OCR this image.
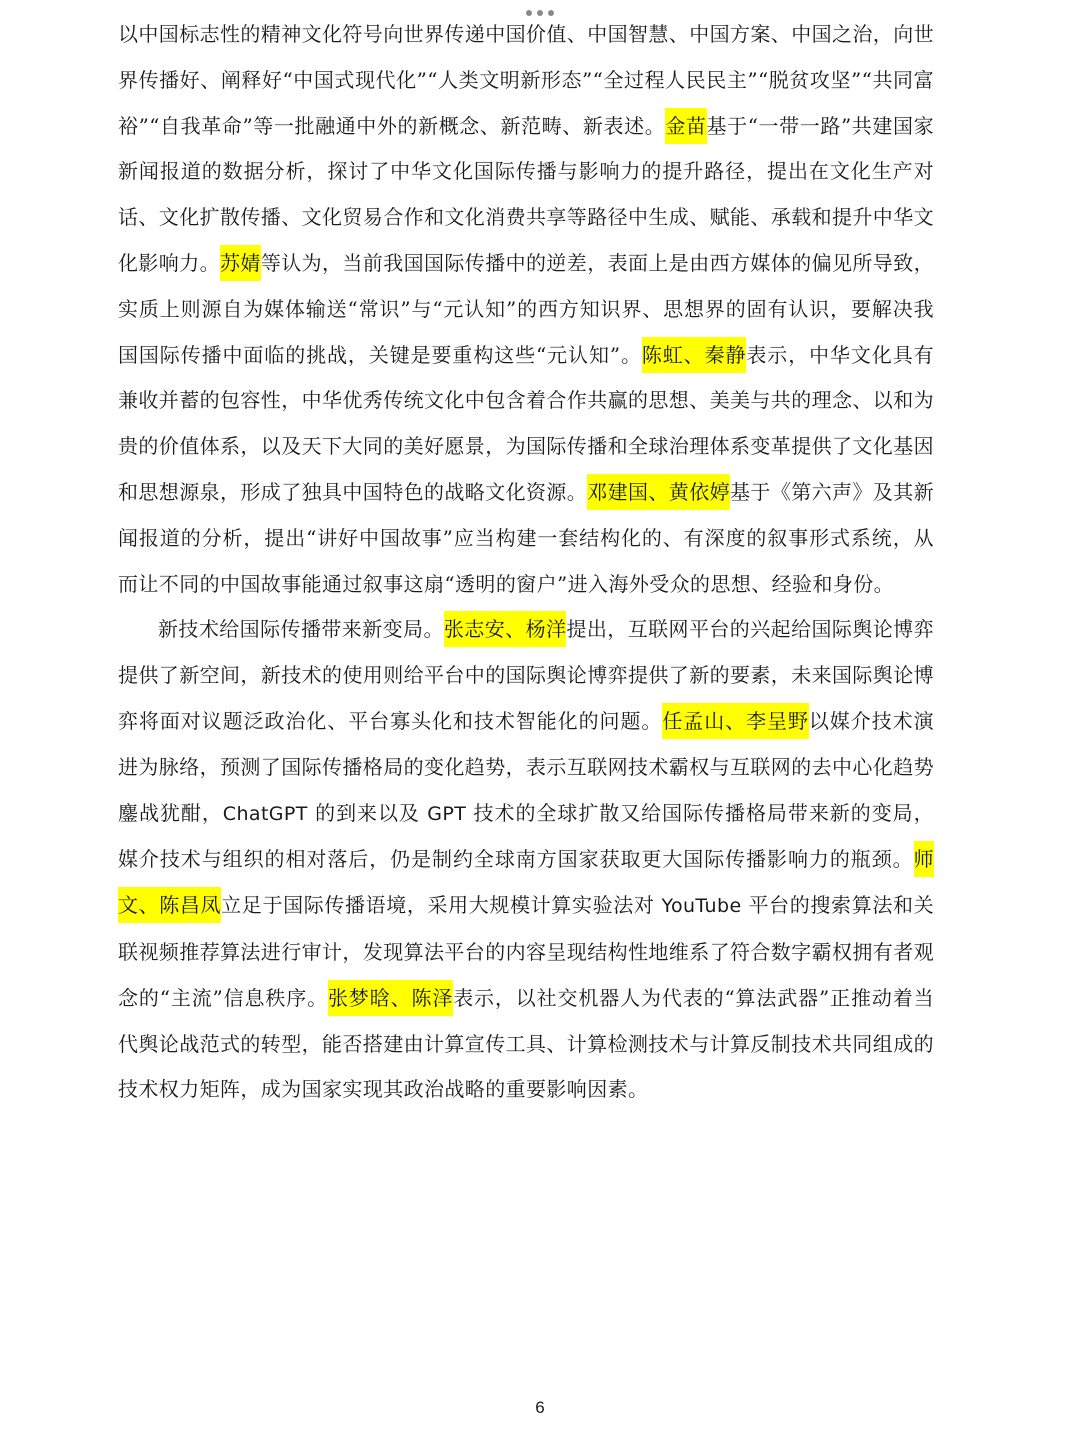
以中国标志性的精神文化符号向世界传递中国价值、中国智慧、中国方案、中国之治，向世界传播好、阐释好“中国式现代化”“人类文明新形态”“全过程人民民主”“脱贫攻坚”“共同富裕”“自我革命”等一批融通中外的新概念、新范畴、新表述。金苗基于“一带一路”共建国家新闻报道的数据分析，探讨了中华文化国际传播与影响力的提升路径，提出在文化生产对话、文化扩散传播、文化贸易合作和文化消费共享等路径中生成、赋能、承载和提升中华文化影响力。苏婧等认为，当前我国国际传播中的逆差，表面上是由西方媒体的偏见所导致，实质上则源自为媒体输送“常识”与“元认知”的西方知识界、思想界的固有认识，要解决我国国际传播中面临的挑战，关键是要重构这些“元认知”。陈虹、秦静表示，中华文化具有兼收并蓄的包容性，中华优秀传统文化中包含着合作共赢的思想、美美与共的理念、以和为贵的价值体系，以及天下大同的美好愿景，为国际传播和全球治理体系变革提供了文化基因和思想源泉，形成了独具中国特色的战略文化资源。邓建国、黄依婷基于《第六声》及其新闻报道的分析，提出“讲好中国故事”应当构建一套结构化的、有深度的叙事形式系统，从而让不同的中国故事能通过叙事这扇“透明的窗户”进入海外受众的思想、经验和身份。

新技术给国际传播带来新变局。张志安、杨洋提出，互联网平台的兴起给国际舆论博弈提供了新空间，新技术的使用则给平台中的国际舆论博弈提供了新的要素，未来国际舆论博弈将面对议题泛政治化、平台寡头化和技术智能化的问题。任孟山、李呈野以媒介技术演进为脉络，预测了国际传播格局的变化趋势，表示互联网技术霸权与互联网的去中心化趋势鏖战犹酣，ChatGPT 的到来以及 GPT 技术的全球扩散又给国际传播格局带来新的变局，媒介技术与组织的相对落后，仍是制约全球南方国家获取更大国际传播影响力的瓶颈。师文、陈昌凤立足于国际传播语境，采用大规模计算实验法对 YouTube 平台的搜索算法和关联视频推荐算法进行审计，发现算法平台的内容呈现结构性地维系了符合数字霸权拥有者观念的“主流”信息秩序。张梦晗、陈泽表示，以社交机器人为代表的“算法武器”正推动着当代舆论战范式的转型，能否搭建由计算宣传工具、计算检测技术与计算反制技术共同组成的技术权力矩阵，成为国家实现其政治战略的重要影响因素。

6
